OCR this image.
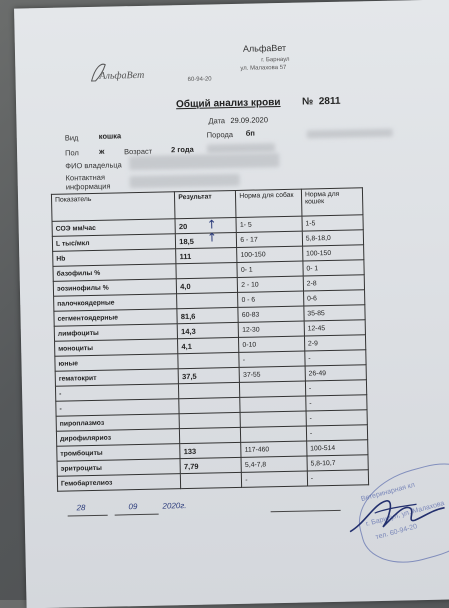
АльфаВет
АльфаВет
г. Барнаул
ул. Малахова 57
60-94-20
Общий анализ крови № 2811
Дата 29.09.2020
Вид	кошка	Порода бп
Пол	ж	Возраст 2 года
ФИО владельца
Контактная
информация
Показатель	Результат	Норма для собак	Норма для кошек
СОЭ мм/час	20	1- 5	1-5
L тыс/мкл	18,5	6 - 17	5,8-18,0
Hb	111	100-150	100-150
базофилы %		0- 1	0- 1
эозинофилы %	4,0	2 - 10	2-8
палочкоядерные		0 - 6	0-6
сегментоядерные	81,6	60-83	35-85
лимфоциты	14,3	12-30	12-45
моноциты	4,1	0-10	2-9
юные		-	-
гематокрит	37,5	37-55	26-49
-			-
-			-
пироплазмоз			-
дирофиляриоз			-
тромбоциты	133	117-460	100-514
эритроциты	7,79	5,4-7,8	5,8-10,7
Гемобартелиоз		-	-
↑
↑
28	09	2020г.
Ветеринарная кл
г. Барнаул, ул. Малахова
тел. 60-94-20
